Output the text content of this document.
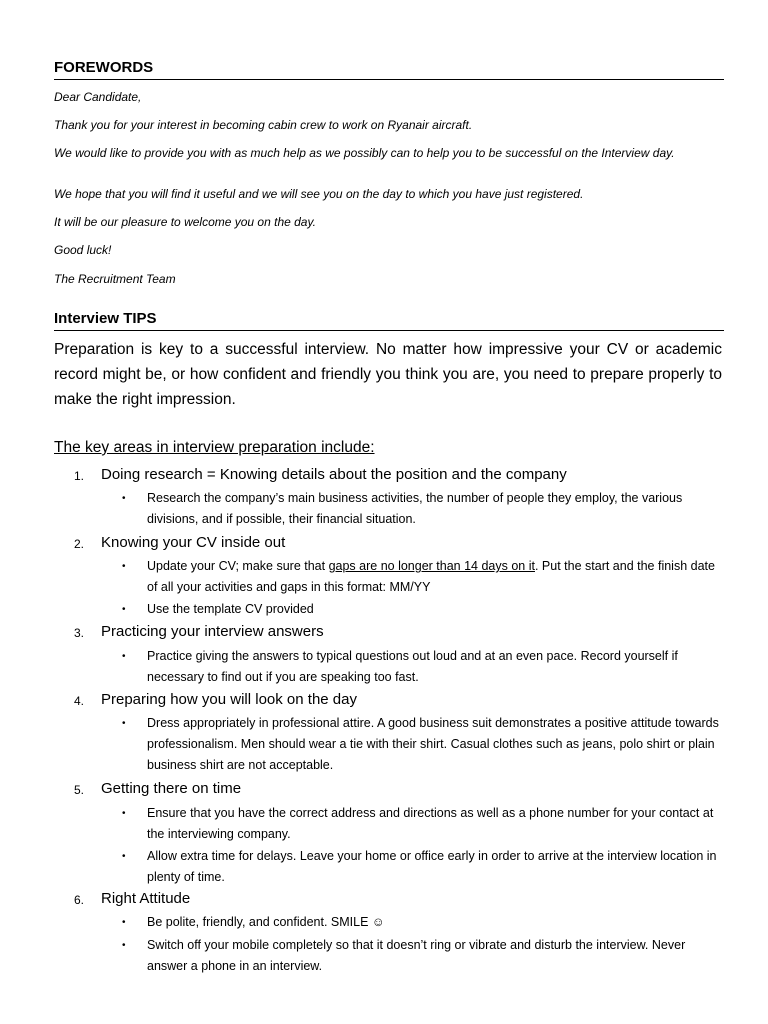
FOREWORDS
Dear Candidate,
Thank you for your interest in becoming cabin crew to work on Ryanair aircraft.
We would like to provide you with as much help as we possibly can to help you to be successful on the Interview day.
We hope that you will find it useful and we will see you on the day to which you have just registered.
It will be our pleasure to welcome you on the day.
Good luck!
The Recruitment Team
Interview TIPS
Preparation is key to a successful interview. No matter how impressive your CV or academic record might be, or how confident and friendly you think you are, you need to prepare properly to make the right impression.
The key areas in interview preparation include:
1. Doing research = Knowing details about the position and the company
• Research the company’s main business activities, the number of people they employ, the various divisions, and if possible, their financial situation.
2. Knowing your CV inside out
• Update your CV; make sure that gaps are no longer than 14 days on it. Put the start and the finish date of all your activities and gaps in this format: MM/YY
• Use the template CV provided
3. Practicing your interview answers
• Practice giving the answers to typical questions out loud and at an even pace. Record yourself if necessary to find out if you are speaking too fast.
4. Preparing how you will look on the day
• Dress appropriately in professional attire. A good business suit demonstrates a positive attitude towards professionalism. Men should wear a tie with their shirt. Casual clothes such as jeans, polo shirt or plain business shirt are not acceptable.
5. Getting there on time
• Ensure that you have the correct address and directions as well as a phone number for your contact at the interviewing company.
• Allow extra time for delays. Leave your home or office early in order to arrive at the interview location in plenty of time.
6. Right Attitude
• Be polite, friendly, and confident. SMILE ☺
• Switch off your mobile completely so that it doesn’t ring or vibrate and disturb the interview. Never answer a phone in an interview.
